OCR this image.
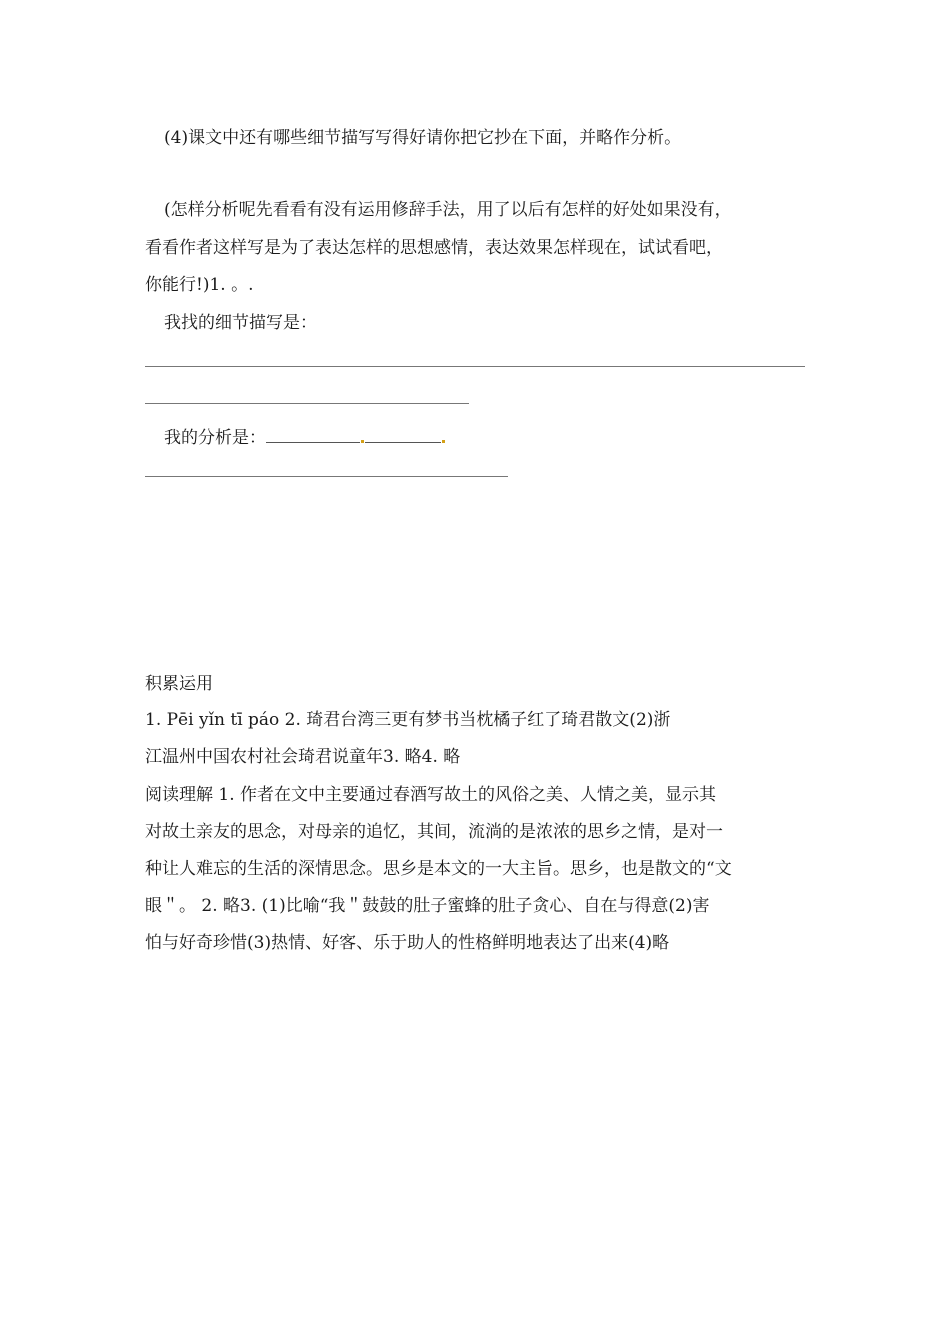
(4)课文中还有哪些细节描写写得好请你把它抄在下面，并略作分析。
(怎样分析呢先看看有没有运用修辞手法，用了以后有怎样的好处如果没有，
看看作者这样写是为了表达怎样的思想感情，表达效果怎样现在，试试看吧，
你能行!)1. 。.
我找的细节描写是：
我的分析是：
积累运用
1. Pēi yǐn tī páo 2. 琦君台湾三更有梦书当枕橘子红了琦君散文(2)浙
江温州中国农村社会琦君说童年3. 略4. 略
阅读理解 1. 作者在文中主要通过春酒写故土的风俗之美、人情之美，显示其
对故土亲友的思念，对母亲的追忆，其间，流淌的是浓浓的思乡之情，是对一
种让人难忘的生活的深情思念。思乡是本文的一大主旨。思乡，也是散文的“文
眼＂。 2. 略3. (1)比喻“我＂鼓鼓的肚子蜜蜂的肚子贪心、自在与得意(2)害
怕与好奇珍惜(3)热情、好客、乐于助人的性格鲜明地表达了出来(4)略
